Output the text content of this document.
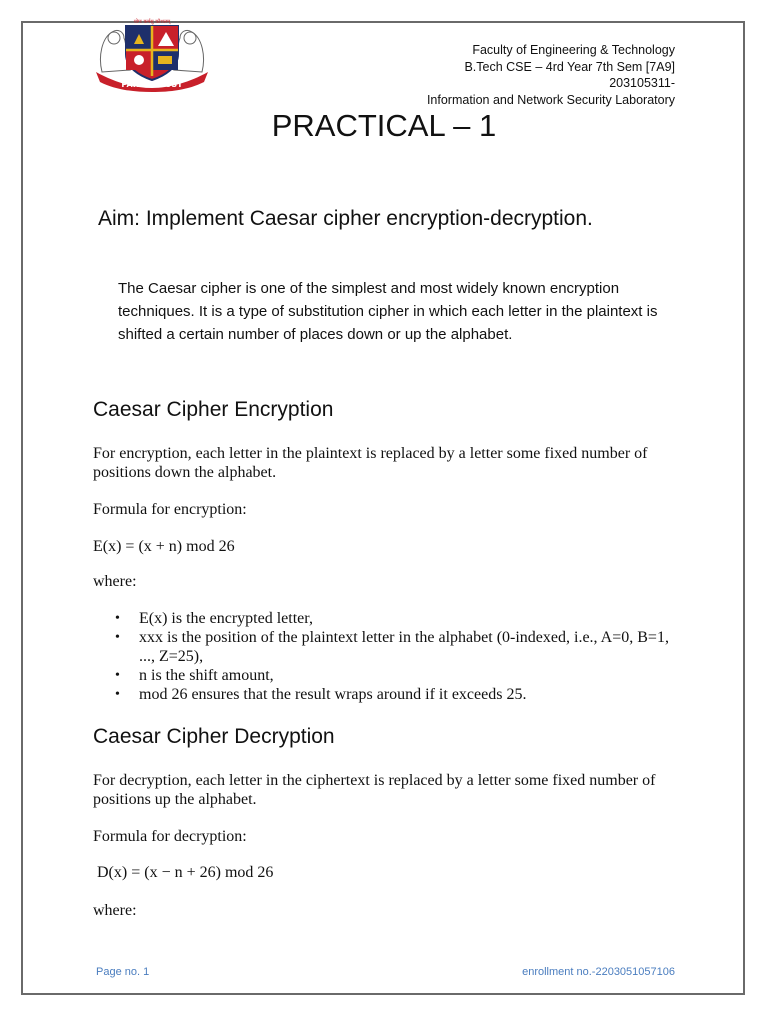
योगः कर्मसु कौशलम्
PARUL TRUST
Faculty of Engineering & Technology
B.Tech CSE – 4rd Year 7th Sem [7A9]
203105311-
Information and Network Security Laboratory
PRACTICAL – 1
Aim: Implement Caesar cipher encryption-decryption.

The Caesar cipher is one of the simplest and most widely known encryption techniques. It is a type of substitution cipher in which each letter in the plaintext is shifted a certain number of places down or up the alphabet.

Caesar Cipher Encryption

For encryption, each letter in the plaintext is replaced by a letter some fixed number of positions down the alphabet.

Formula for encryption:

E(x) = (x + n) mod 26

where:

• E(x) is the encrypted letter,
• xxx is the position of the plaintext letter in the alphabet (0-indexed, i.e., A=0, B=1, ..., Z=25),
• n is the shift amount,
• mod 26 ensures that the result wraps around if it exceeds 25.
Caesar Cipher Decryption

For decryption, each letter in the ciphertext is replaced by a letter some fixed number of positions up the alphabet.

Formula for decryption:

D(x) = (x − n + 26) mod 26

where:

Page no. 1	enrollment no.-2203051057106
